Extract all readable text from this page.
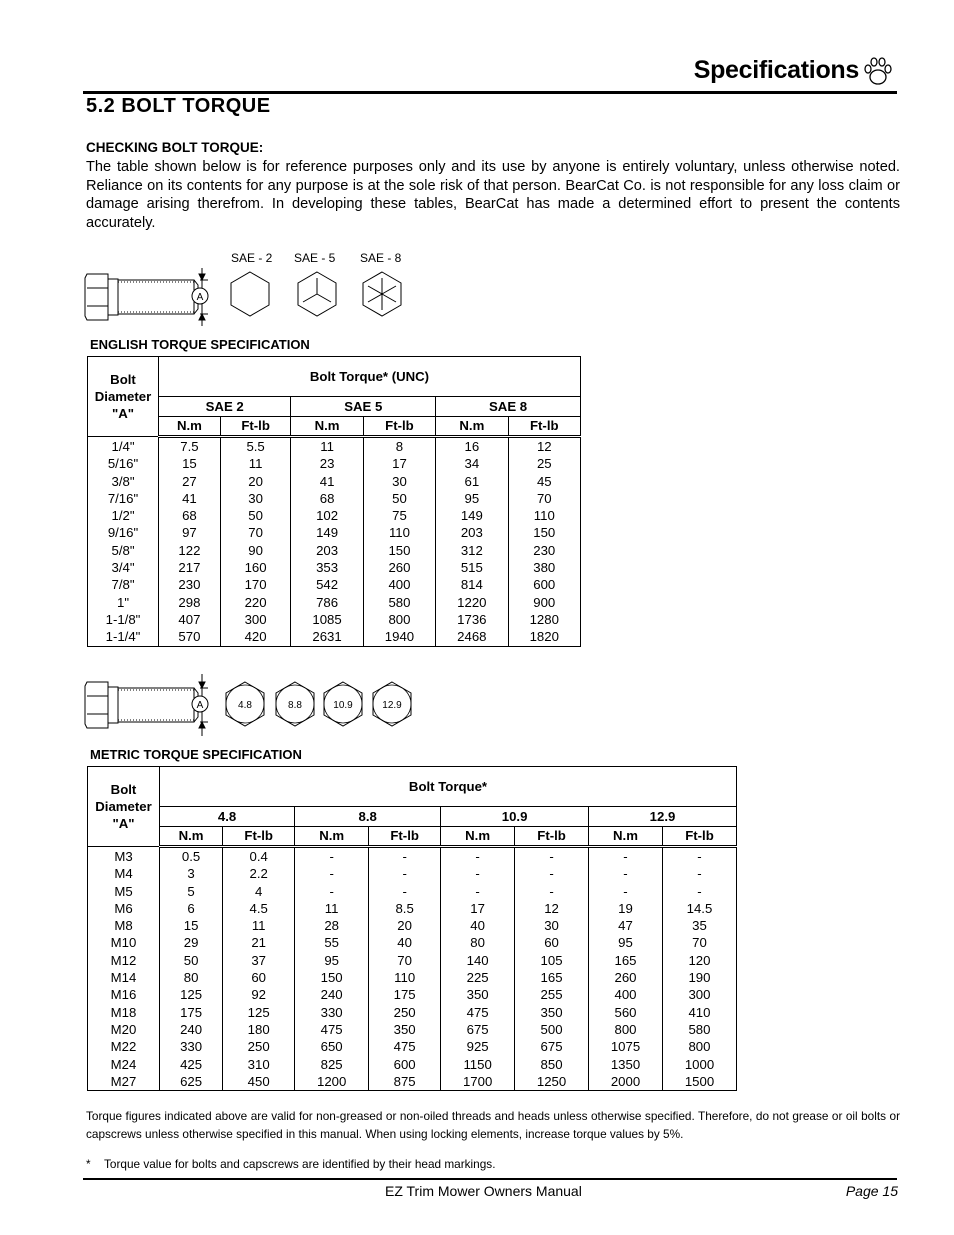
Specifications
5.2 BOLT TORQUE
CHECKING BOLT TORQUE:
The table shown below is for reference purposes only and its use by anyone is entirely voluntary, unless otherwise noted. Reliance on its contents for any purpose is at the sole risk of that person. BearCat Co. is not responsible for any loss claim or damage arising therefrom. In developing these tables, BearCat has made a determined effort to present the contents accurately.
A
SAE - 2 SAE - 5 SAE - 8
ENGLISH TORQUE SPECIFICATION
Bolt
Diameter
"A"	Bolt Torque* (UNC)					
	SAE 2		SAE 5		SAE 8	
	N.m	Ft-lb	N.m	Ft-lb	N.m	Ft-lb
1/4"	7.5	5.5	11	8	16	12
5/16"	15	11	23	17	34	25
3/8"	27	20	41	30	61	45
7/16"	41	30	68	50	95	70
1/2"	68	50	102	75	149	110
9/16"	97	70	149	110	203	150
5/8"	122	90	203	150	312	230
3/4"	217	160	353	260	515	380
7/8"	230	170	542	400	814	600
1"	298	220	786	580	1220	900
1-1/8"	407	300	1085	800	1736	1280
1-1/4"	570	420	2631	1940	2468	1820
A	4.8	8.8	10.9	12.9
METRIC TORQUE SPECIFICATION
Bolt
Diameter
"A"	Bolt Torque*							
	4.8		8.8		10.9		12.9	
	N.m	Ft-lb	N.m	Ft-lb	N.m	Ft-lb	N.m	Ft-lb
M3	0.5	0.4	-	-	-	-	-	-
M4	3	2.2	-	-	-	-	-	-
M5	5	4	-	-	-	-	-	-
M6	6	4.5	11	8.5	17	12	19	14.5
M8	15	11	28	20	40	30	47	35
M10	29	21	55	40	80	60	95	70
M12	50	37	95	70	140	105	165	120
M14	80	60	150	110	225	165	260	190
M16	125	92	240	175	350	255	400	300
M18	175	125	330	250	475	350	560	410
M20	240	180	475	350	675	500	800	580
M22	330	250	650	475	925	675	1075	800
M24	425	310	825	600	1150	850	1350	1000
M27	625	450	1200	875	1700	1250	2000	1500
Torque figures indicated above are valid for non-greased or non-oiled threads and heads unless otherwise specified. Therefore, do not grease or oil bolts or capscrews unless otherwise specified in this manual. When using locking elements, increase torque values by 5%.
*	Torque value for bolts and capscrews are identified by their head markings.
EZ Trim Mower Owners Manual	Page 15
